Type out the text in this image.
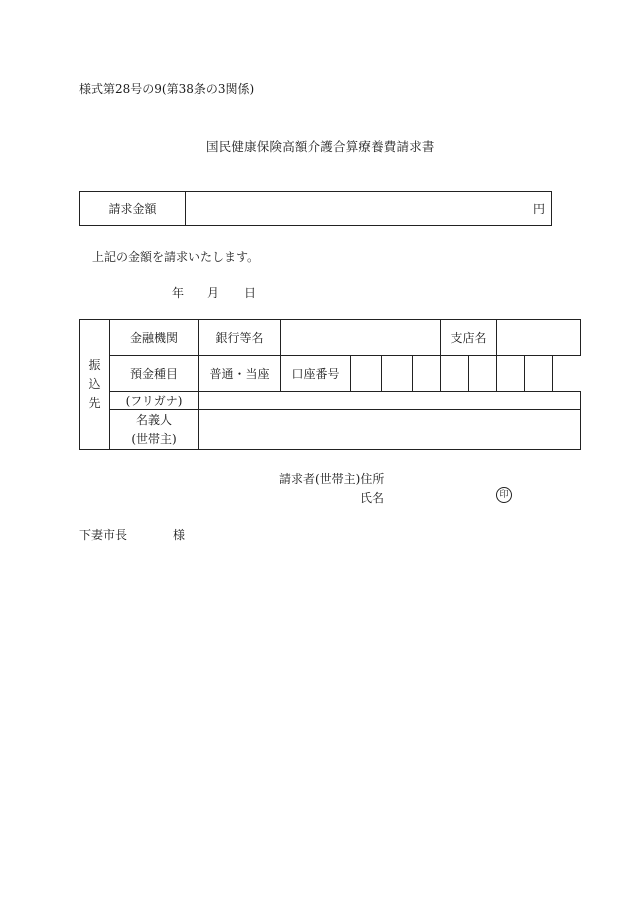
様式第28号の9(第38条の3関係)
国民健康保険高額介護合算療養費請求書
請求金額	円
上記の金額を請求いたします。
年 月 日
振
込
先	金融機関	銀行等名					支店名			
	預金種目	普通・当座	口座番号							
	(フリガナ)									
	名義人
(世帯主)									
請求者(世帯主)住所
氏名	印
下妻市長	様
